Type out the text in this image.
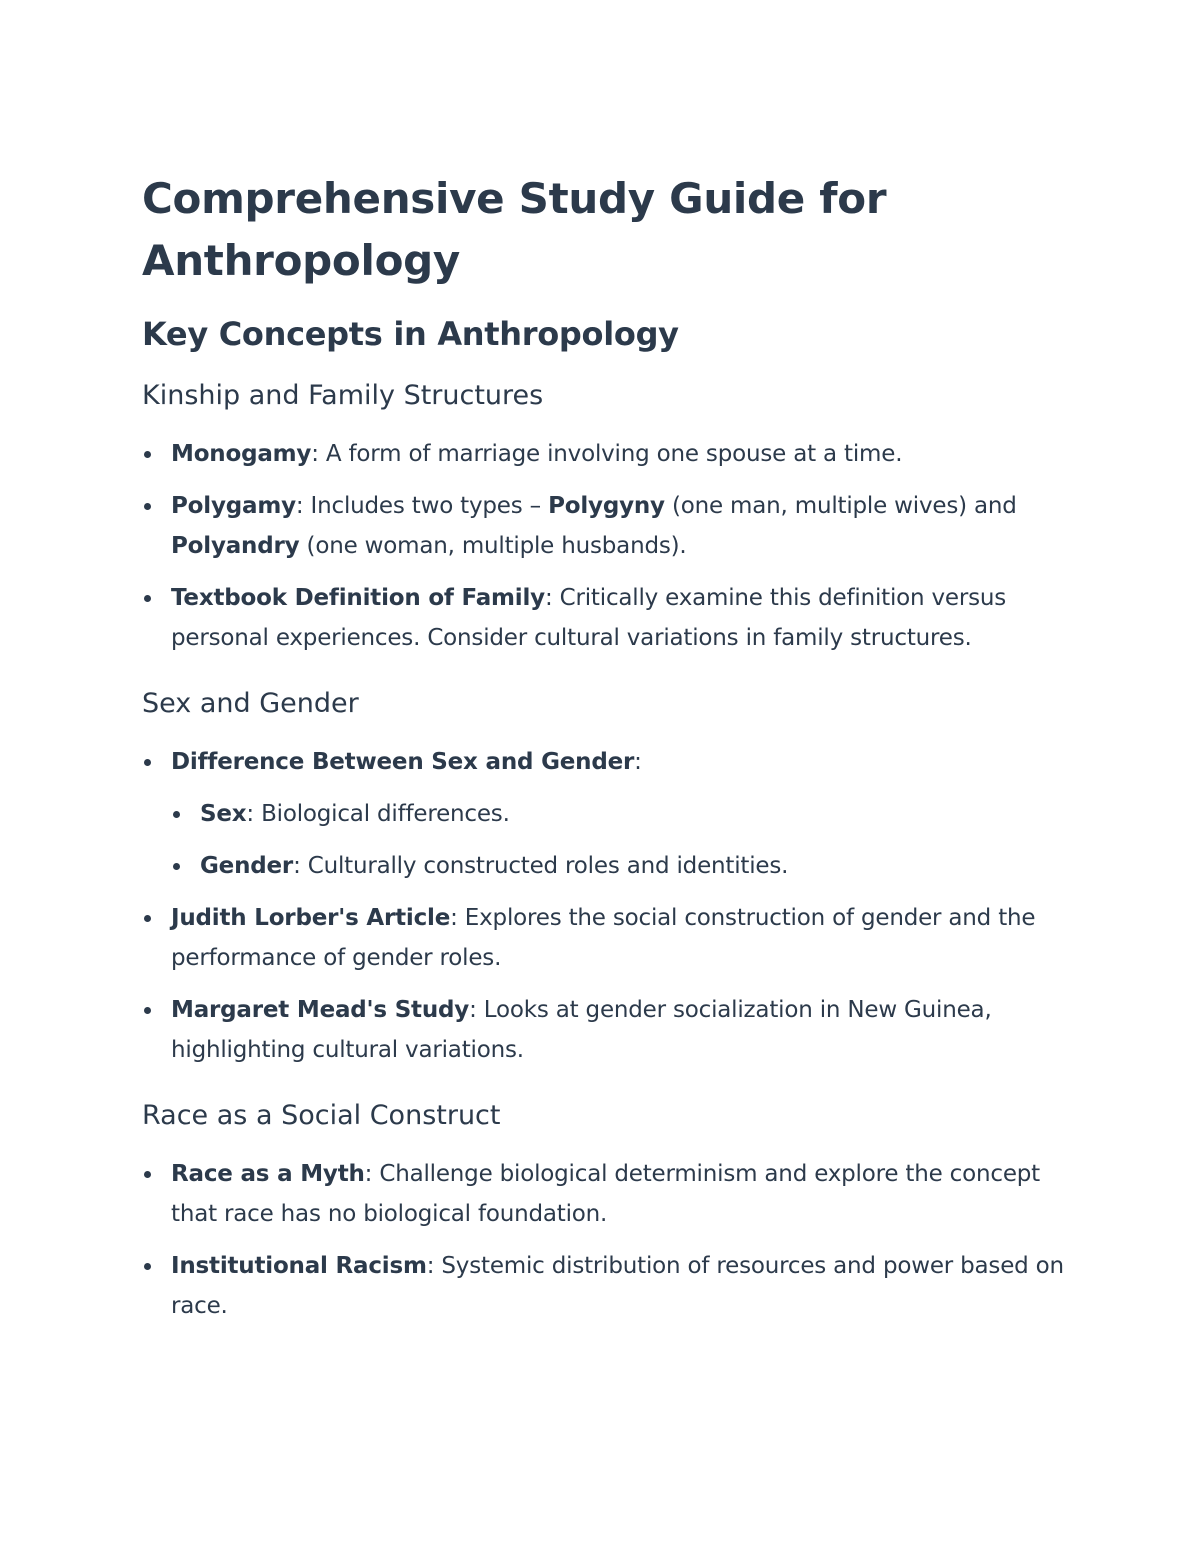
Comprehensive Study Guide for Anthropology
Key Concepts in Anthropology
Kinship and Family Structures
Monogamy: A form of marriage involving one spouse at a time.
Polygamy: Includes two types – Polygyny (one man, multiple wives) and Polyandry (one woman, multiple husbands).
Textbook Definition of Family: Critically examine this definition versus personal experiences. Consider cultural variations in family structures.
Sex and Gender
Difference Between Sex and Gender:
Sex: Biological differences.
Gender: Culturally constructed roles and identities.
Judith Lorber's Article: Explores the social construction of gender and the performance of gender roles.
Margaret Mead's Study: Looks at gender socialization in New Guinea, highlighting cultural variations.
Race as a Social Construct
Race as a Myth: Challenge biological determinism and explore the concept that race has no biological foundation.
Institutional Racism: Systemic distribution of resources and power based on race.
